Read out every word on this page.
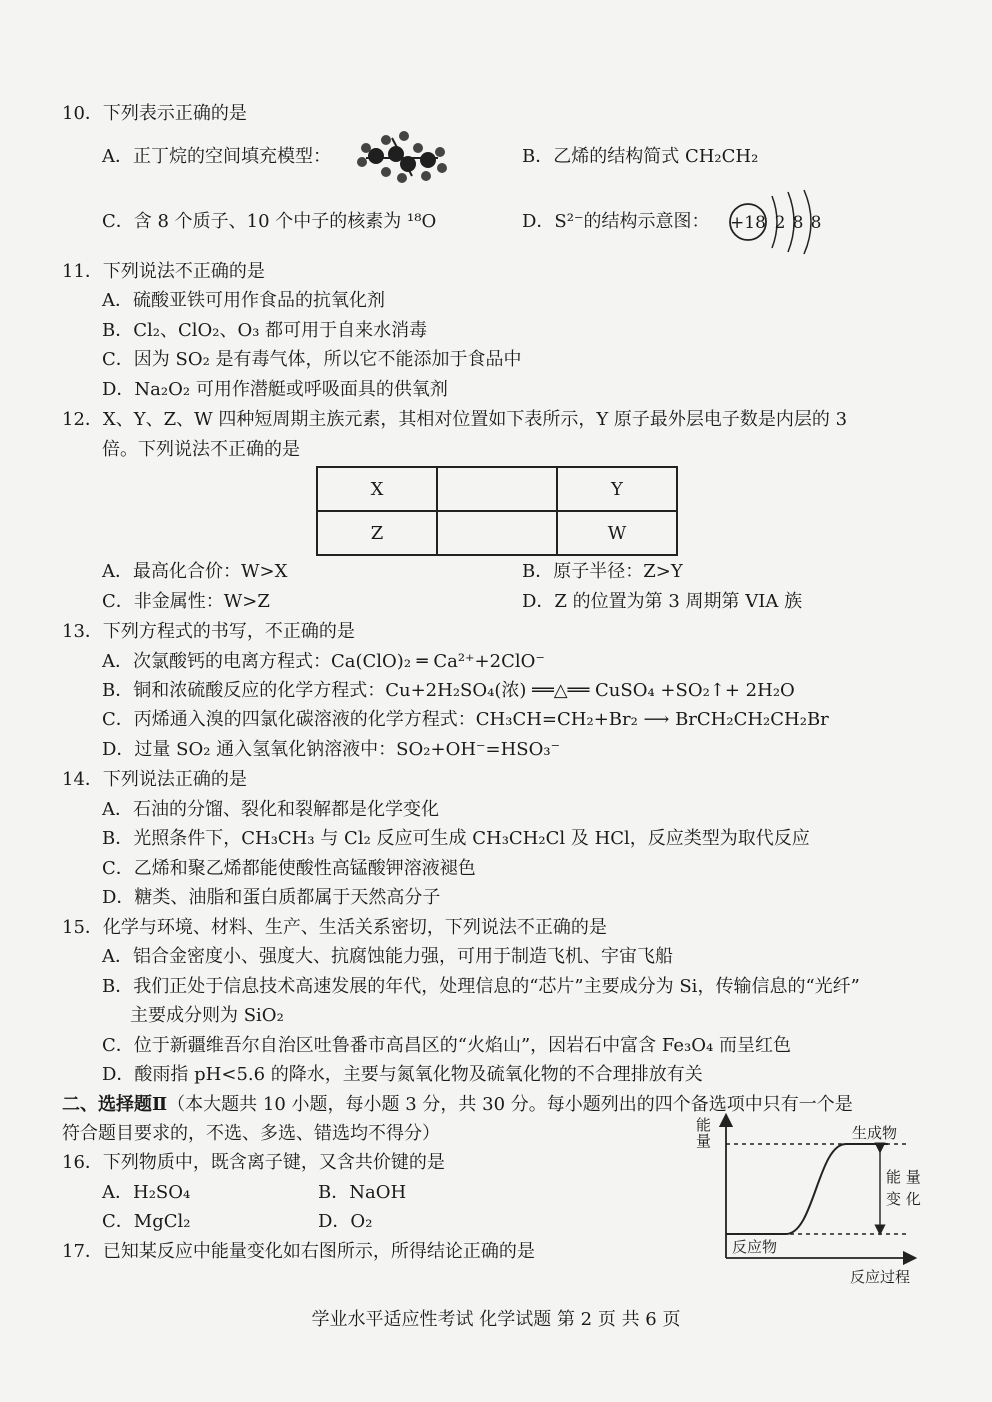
10．下列表示正确的是
A．正丁烷的空间填充模型：	B．乙烯的结构简式 CH₂CH₂
C．含 8 个质子、10 个中子的核素为 ¹⁸O	D．S²⁻的结构示意图： +18 2 8 8
11．下列说法不正确的是
A．硫酸亚铁可用作食品的抗氧化剂
B．Cl₂、ClO₂、O₃ 都可用于自来水消毒
C．因为 SO₂ 是有毒气体，所以它不能添加于食品中
D．Na₂O₂ 可用作潜艇或呼吸面具的供氧剂
12．X、Y、Z、W 四种短周期主族元素，其相对位置如下表所示，Y 原子最外层电子数是内层的 3
倍。下列说法不正确的是
X		Y
Z		W
A．最高化合价：W>X	B．原子半径：Z>Y
C．非金属性：W>Z	D．Z 的位置为第 3 周期第 VIA 族
13．下列方程式的书写，不正确的是
A．次氯酸钙的电离方程式：Ca(ClO)₂ ═ Ca²⁺+2ClO⁻
B．铜和浓硫酸反应的化学方程式：Cu+2H₂SO₄(浓) ══△══ CuSO₄ +SO₂↑+ 2H₂O
C．丙烯通入溴的四氯化碳溶液的化学方程式：CH₃CH=CH₂+Br₂ ⟶ BrCH₂CH₂CH₂Br
D．过量 SO₂ 通入氢氧化钠溶液中：SO₂+OH⁻=HSO₃⁻
14．下列说法正确的是
A．石油的分馏、裂化和裂解都是化学变化
B．光照条件下，CH₃CH₃ 与 Cl₂ 反应可生成 CH₃CH₂Cl 及 HCl，反应类型为取代反应
C．乙烯和聚乙烯都能使酸性高锰酸钾溶液褪色
D．糖类、油脂和蛋白质都属于天然高分子
15．化学与环境、材料、生产、生活关系密切，下列说法不正确的是
A．铝合金密度小、强度大、抗腐蚀能力强，可用于制造飞机、宇宙飞船
B．我们正处于信息技术高速发展的年代，处理信息的“芯片”主要成分为 Si，传输信息的“光纤”
主要成分则为 SiO₂
C．位于新疆维吾尔自治区吐鲁番市高昌区的“火焰山”，因岩石中富含 Fe₃O₄ 而呈红色
D．酸雨指 pH<5.6 的降水，主要与氮氧化物及硫氧化物的不合理排放有关
二、选择题Ⅱ（本大题共 10 小题，每小题 3 分，共 30 分。每小题列出的四个备选项中只有一个是
符合题目要求的，不选、多选、错选均不得分）
16．下列物质中，既含离子键，又含共价键的是
A．H₂SO₄	B．NaOH
C．MgCl₂	D．O₂
17．已知某反应中能量变化如右图所示，所得结论正确的是
能
量	生成物
反应物
能 量
变 化
反应过程
学业水平适应性考试 化学试题 第 2 页 共 6 页
